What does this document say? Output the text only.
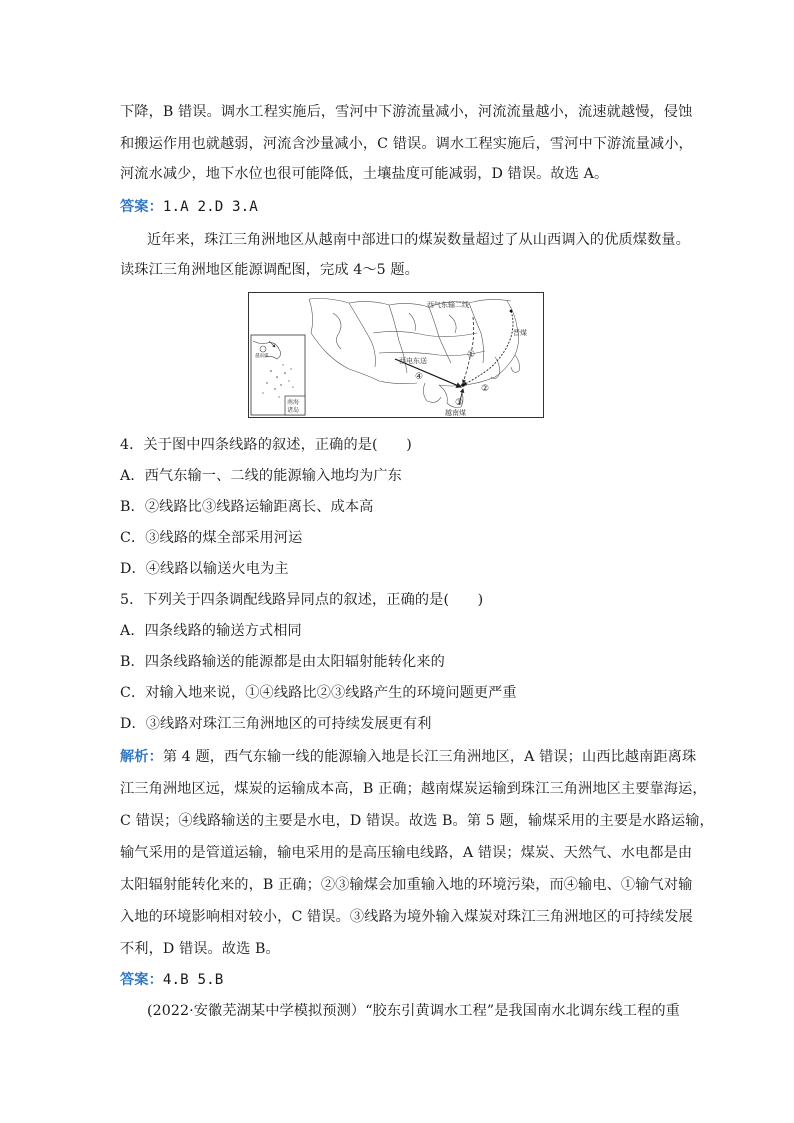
下降，B 错误。调水工程实施后，雪河中下游流量减小，河流流量越小，流速就越慢，侵蚀
和搬运作用也就越弱，河流含沙量减小，C 错误。调水工程实施后，雪河中下游流量减小，
河流水减少，地下水位也很可能降低，土壤盐度可能减弱，D 错误。故选 A。
答案：1.A 2.D 3.A
近年来，珠江三角洲地区从越南中部进口的煤炭数量超过了从山西调入的优质煤数量。
读珠江三角洲地区能源调配图，完成 4～5 题。
南海
诸岛
越南煤
西气东输二线
晋煤
西电东送
越南煤
①
②
③
④
4．关于图中四条线路的叙述，正确的是(　　)
A．西气东输一、二线的能源输入地均为广东
B．②线路比③线路运输距离长、成本高
C．③线路的煤全部采用河运
D．④线路以输送火电为主
5．下列关于四条调配线路异同点的叙述，正确的是(　　)
A．四条线路的输送方式相同
B．四条线路输送的能源都是由太阳辐射能转化来的
C．对输入地来说，①④线路比②③线路产生的环境问题更严重
D．③线路对珠江三角洲地区的可持续发展更有利
解析：第 4 题，西气东输一线的能源输入地是长江三角洲地区，A 错误；山西比越南距离珠
江三角洲地区远，煤炭的运输成本高，B 正确；越南煤炭运输到珠江三角洲地区主要靠海运，
C 错误；④线路输送的主要是水电，D 错误。故选 B。第 5 题，输煤采用的主要是水路运输，
输气采用的是管道运输，输电采用的是高压输电线路，A 错误；煤炭、天然气、水电都是由
太阳辐射能转化来的，B 正确；②③输煤会加重输入地的环境污染，而④输电、①输气对输
入地的环境影响相对较小，C 错误。③线路为境外输入煤炭对珠江三角洲地区的可持续发展
不利，D 错误。故选 B。
答案：4.B 5.B
(2022·安徽芜湖某中学模拟预测）“胶东引黄调水工程”是我国南水北调东线工程的重
